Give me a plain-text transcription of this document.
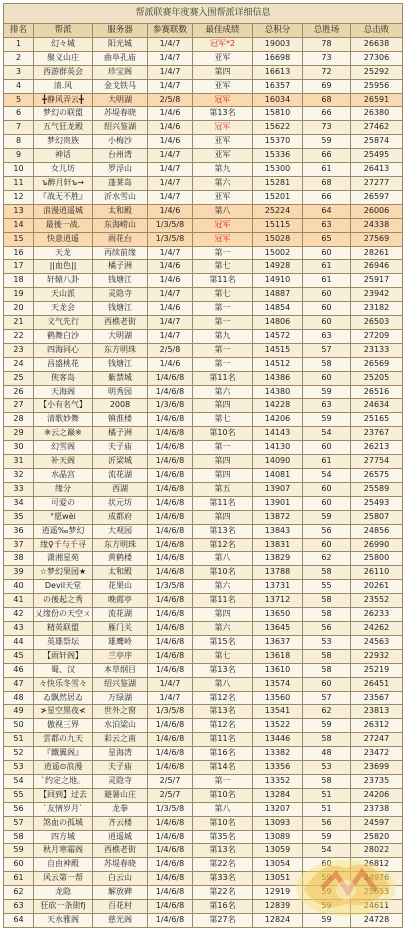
帮派联赛年度赛入围帮派详细信息							
排名	帮派	服务器	参赛联数	最佳成绩	总积分	总胜场	总击败
1	幻々城	阳光城	1/4/7	冠军*2	19003	78	26638
2	聚义山庄	曲阜孔庙	1/4/7	亚军	16698	73	27306
3	西游群英会	珍宝阁	1/4/7	第四	16613	72	25292
4	清.风	金戈铁马	1/4/7	亚军	16357	69	25956
5	╋静风弄云╋	大明湖	2/5/8	冠军	16034	68	26591
6	梦幻の联盟	苏堤春晓	1/4/6	第13名	15810	66	26380
7	五气狂龙殿	绍兴鉴湖	1/4/6	冠军	15622	73	27462
8	梦幻贵族	小梅沙	1/4/6	亚军	15370	59	25874
9	神话	台州湾	1/4/7	亚军	15336	66	25495
10	女儿坊	罗浮山	1/4/7	第九	15300	61	26413
11	ъ醉月轩ъ→	蓬莱岛	1/4/7	第六	15281	68	27277
12	『战无不胜』	沂水雪山	1/4/7	亚军	15201	66	26597
13	浪漫逍遥城	太和殿	1/4/6	第八	25224	64	26006
14	最後一战.	东海崂山	1/3/5/8	冠军	15115	63	24338
15	快意逍遥	雨花台	1/3/5/8	冠军	15028	65	27569
16	天龙	再续前缘	1/4/7	第一	15002	60	28261
17	||血色||	橘子洲	1/4/6	第七	14928	61	26946
18	轩辕八卦	钱塘江	1/4/6	第11名	14910	61	25917
19	天山派	灵隐寺	1/4/7	第七	14887	60	23942
20	天龙会	钱塘江	1/4/6	第一	14854	60	23182
21	义气先行	西樵老街	1/4/7	第一	14806	60	26503
22	鹤舞白沙	大明湖	1/4/7	第九	14572	63	27209
23	四海同心	东方明珠	2/5/8	第一	14515	57	23133
24	昌盛桃花	钱塘江	1/4/6	第一	14512	58	26569
25	侠客岛	紫禁城	1/4/6/8	第11名	14386	60	25205
26	天海阁	明秀园	1/4/6/8	第六	14380	59	26516
27	【小有名气】	2008	1/3/6/8	第四	14228	63	24634
28	清歌妙舞	镇淮楼	1/4/6/8	第七	14206	59	25165
29	※云之巅※	橘子洲	1/4/6/8	第10名	14143	54	23767
30	幻雪阁	夫子庙	1/4/6/8	第一	14130	60	26213
31	补天阁	沂梁城	1/4/6/8	第四	14090	61	27754
32	水晶宫	流花湖	1/4/6/8	第四	14081	54	26575
33	缘分	西湖	1/4/6/8	第五	13907	60	25589
34	可爱の	状元坊	1/4/6/8	第11名	13901	60	25493
35	°愿wèi	成都府	1/4/6/8	第四	13872	59	25807
36	逍遥‰梦幻	大观园	1/4/6/8	第13名	13843	56	24856
37	缘♀千与千寻	东方明珠	1/4/6/8	第12名	13831	60	26990
38	潇湘星苑	黄鹤楼	1/4/6/8	第八	13829	62	25800
39	☆梦幻果园★	太和殿	1/4/6/8	第10名	13788	58	26110
40	Devil天堂	花果山	1/3/5/8	第六	13731	55	20261
41	の後起之秀	晚霞亭	1/4/6/8	第11名	13712	58	23552
42	乂缘份の天空ㄨ	流花湖	1/4/6/8	第四	13650	58	26233
43	精英联盟	雁门关	1/4/6/8	第六	13645	56	24262
44	英雄祭坛	雄鹰岭	1/4/6/8	第15名	13637	53	24563
45	【雨轩阁】	兰亭序	1/4/6/8	第七	13618	58	22932
46	蜀、汉	本草纲目	1/4/6/8	第13名	13610	58	25219
47	々快乐冬雪々	绍兴鉴湖	1/4/7	第八	13574	60	26451
48	ゐ飘然居ゐ	万绿湖	1/4/7	第12名	13560	57	23567
49	≯星空黑夜≮	世外之窗	1/3/5/8	第13名	13541	62	23813
50	傲视三界	水泊梁山	1/4/6/8	第12名	13522	59	26312
51	雲都の九天	彩云之南	1/4/6/8	第11名	13446	58	27247
52	『鐵翼阁』	星海湾	1/4/6/8	第16名	13382	48	23472
53	逍遥⊙浪漫	夫子庙	1/4/6/8	第14名	13356	53	23699
54	`约定之地。	灵隐寺	2/5/7	第一	13352	58	23735
55	【回到】过去	避暑山庄	2/5/7	第10名	13284	51	24206
56	`友情岁月`	龙拳	1/3/5/8	第八	13207	51	23738
57	煞血の孤城	齐云楼	1/4/6/8	第10名	13093	56	24597
58	四方城	逍遥城	1/4/6/8	第35名	13089	59	25820
59	秋月寒霜阁	西樵老街	1/4/6/8	第13名	13059	54	28022
60	自由神殿	苏堤春晓	1/4/6/8	第22名	13054	60	26812
61	风云第一帮	白云山	1/4/6/8	第33名	13051	59	24976
62	龙隐	解放碑	1/4/6/8	第22名	12919	59	25653
63	狂砍一条街fj	百花村	1/4/6/8	第16名	12839	59	24611
64	天水雅阁	慈光阁	1/4/6/8	第27名	12824	59	24728
